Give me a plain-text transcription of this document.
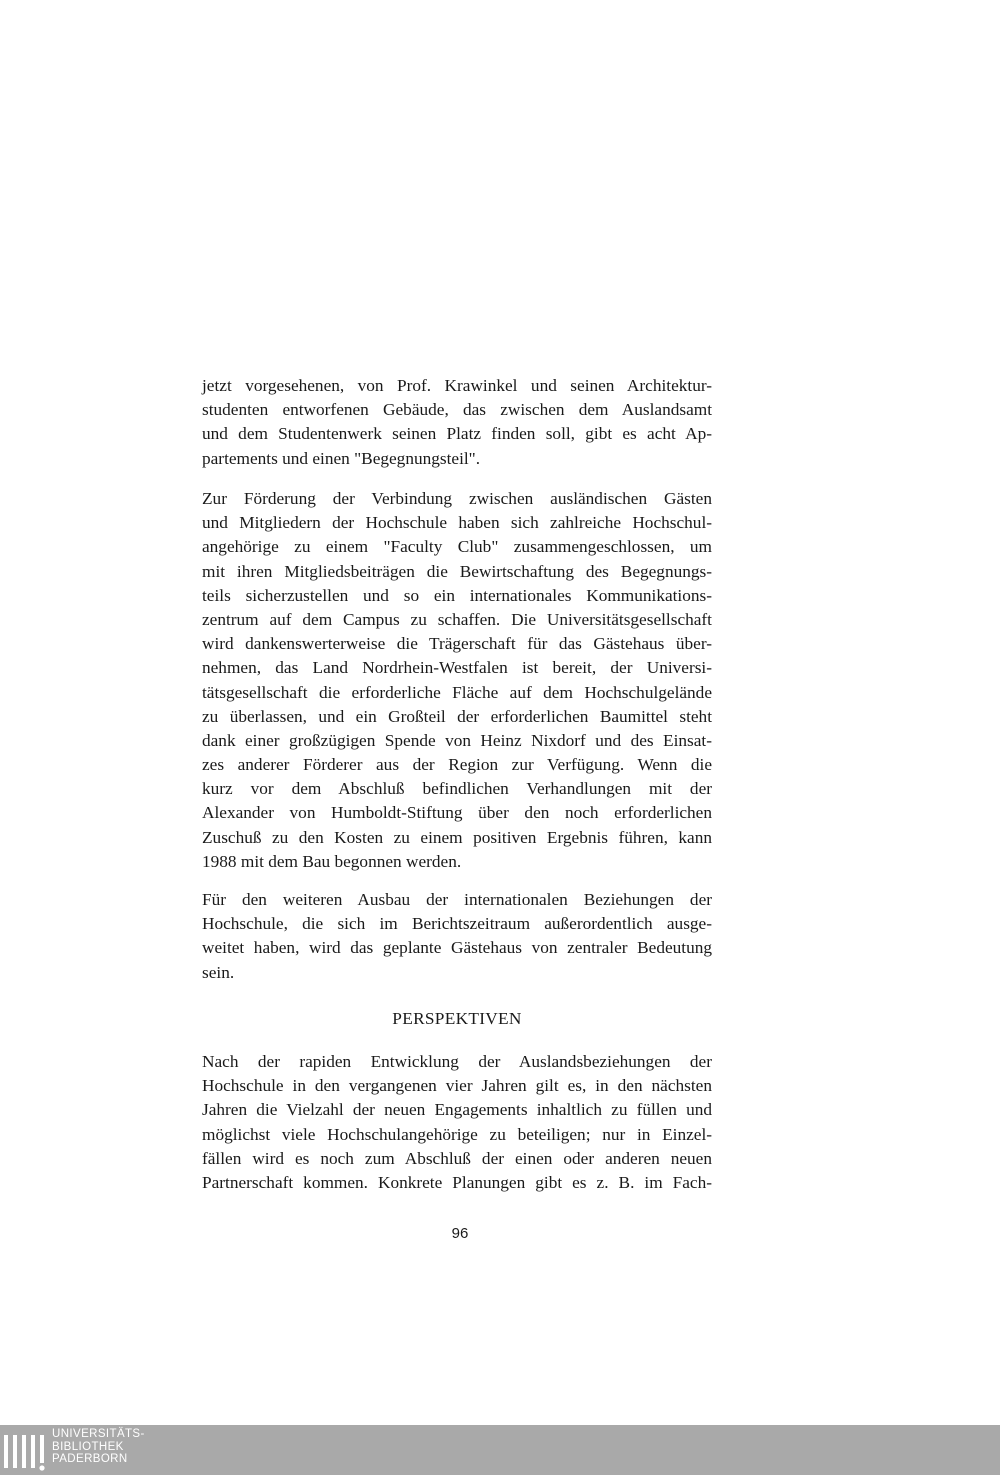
jetzt vorgesehenen, von Prof. Krawinkel und seinen Architektur-
studenten entworfenen Gebäude, das zwischen dem Auslandsamt
und dem Studentenwerk seinen Platz finden soll, gibt es acht Ap-
partements und einen "Begegnungsteil".

Zur Förderung der Verbindung zwischen ausländischen Gästen
und Mitgliedern der Hochschule haben sich zahlreiche Hochschul-
angehörige zu einem "Faculty Club" zusammengeschlossen, um
mit ihren Mitgliedsbeiträgen die Bewirtschaftung des Begegnungs-
teils sicherzustellen und so ein internationales Kommunikations-
zentrum auf dem Campus zu schaffen. Die Universitätsgesellschaft
wird dankenswerterweise die Trägerschaft für das Gästehaus über-
nehmen, das Land Nordrhein-Westfalen ist bereit, der Universi-
tätsgesellschaft die erforderliche Fläche auf dem Hochschulgelände
zu überlassen, und ein Großteil der erforderlichen Baumittel steht
dank einer großzügigen Spende von Heinz Nixdorf und des Einsat-
zes anderer Förderer aus der Region zur Verfügung. Wenn die
kurz vor dem Abschluß befindlichen Verhandlungen mit der
Alexander von Humboldt-Stiftung über den noch erforderlichen
Zuschuß zu den Kosten zu einem positiven Ergebnis führen, kann
1988 mit dem Bau begonnen werden.

Für den weiteren Ausbau der internationalen Beziehungen der
Hochschule, die sich im Berichtszeitraum außerordentlich ausge-
weitet haben, wird das geplante Gästehaus von zentraler Bedeutung
sein.

PERSPEKTIVEN

Nach der rapiden Entwicklung der Auslandsbeziehungen der
Hochschule in den vergangenen vier Jahren gilt es, in den nächsten
Jahren die Vielzahl der neuen Engagements inhaltlich zu füllen und
möglichst viele Hochschulangehörige zu beteiligen; nur in Einzel-
fällen wird es noch zum Abschluß der einen oder anderen neuen
Partnerschaft kommen. Konkrete Planungen gibt es z. B. im Fach-

96
UNIVERSITÄTS-
BIBLIOTHEK
PADERBORN
